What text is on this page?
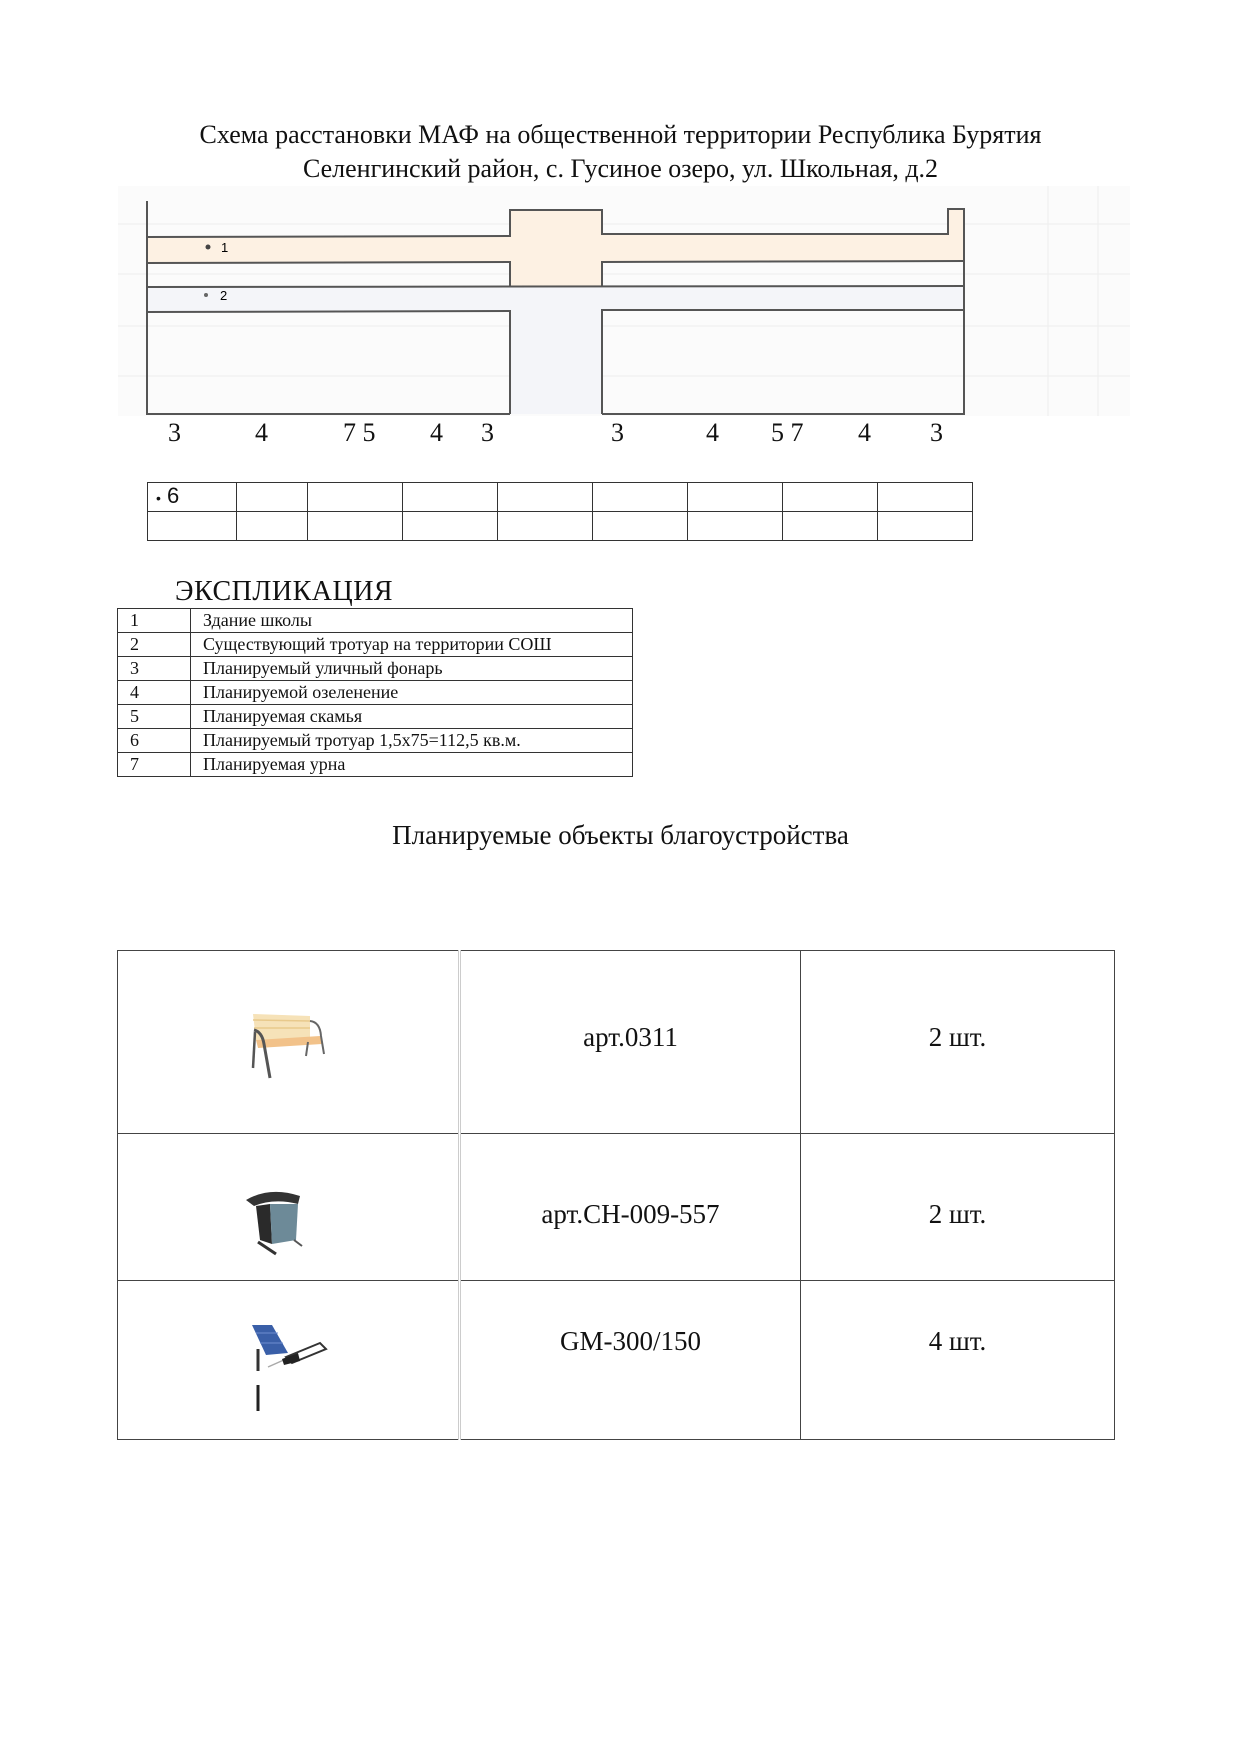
Схема расстановки МАФ на общественной территории Республика Бурятия
Селенгинский район, с. Гусиное озеро, ул. Школьная, д.2
1
2
3	4	7 5 4 3	3	4 5 7 4 3
• 6								

ЭКСПЛИКАЦИЯ
1	Здание школы
2	Существующий тротуар на территории СОШ
3	Планируемый уличный фонарь
4	Планируемой озеленение
5	Планируемая скамья
6	Планируемый тротуар 1,5х75=112,5 кв.м.
7	Планируемая урна
Планируемые объекты благоустройства
	арт.0311	2 шт.

	арт.СН-009-557	2 шт.

	GM-300/150	4 шт.
